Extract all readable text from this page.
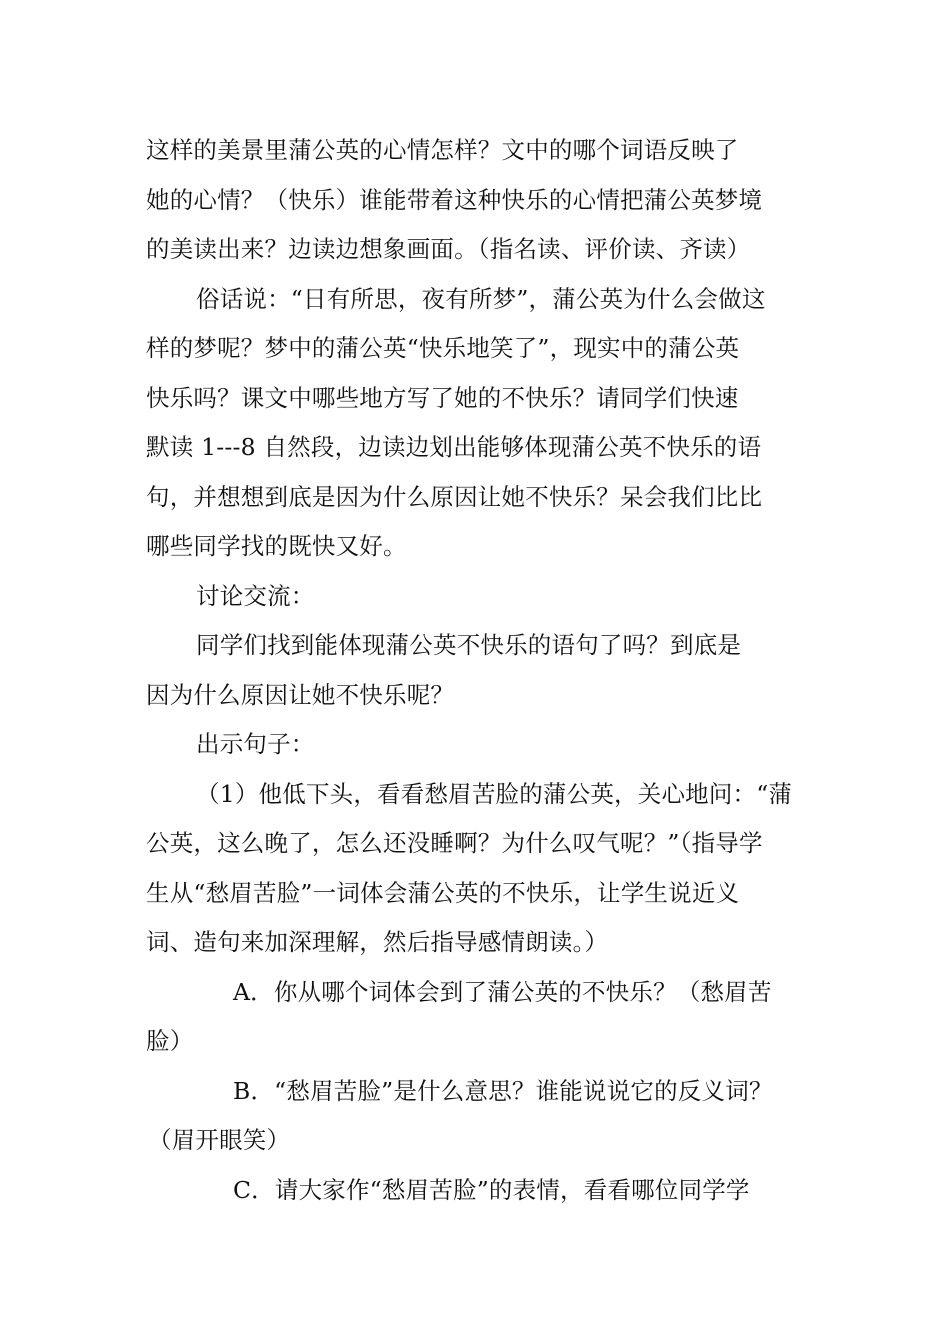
这样的美景里蒲公英的心情怎样？文中的哪个词语反映了
她的心情？（快乐）谁能带着这种快乐的心情把蒲公英梦境
的美读出来？边读边想象画面。（指名读、评价读、齐读）
俗话说：“日有所思，夜有所梦”，蒲公英为什么会做这
样的梦呢？梦中的蒲公英“快乐地笑了”，现实中的蒲公英
快乐吗？课文中哪些地方写了她的不快乐？请同学们快速
默读 1---8 自然段，边读边划出能够体现蒲公英不快乐的语
句，并想想到底是因为什么原因让她不快乐？呆会我们比比
哪些同学找的既快又好。
讨论交流：
同学们找到能体现蒲公英不快乐的语句了吗？到底是
因为什么原因让她不快乐呢？
出示句子：
（1）他低下头，看看愁眉苦脸的蒲公英，关心地问：“蒲
公英，这么晚了，怎么还没睡啊？为什么叹气呢？”（指导学
生从“愁眉苦脸”一词体会蒲公英的不快乐，让学生说近义
词、造句来加深理解，然后指导感情朗读。）
A．你从哪个词体会到了蒲公英的不快乐？（愁眉苦
脸）
B．“愁眉苦脸”是什么意思？谁能说说它的反义词？
（眉开眼笑）
C．请大家作“愁眉苦脸”的表情，看看哪位同学学
